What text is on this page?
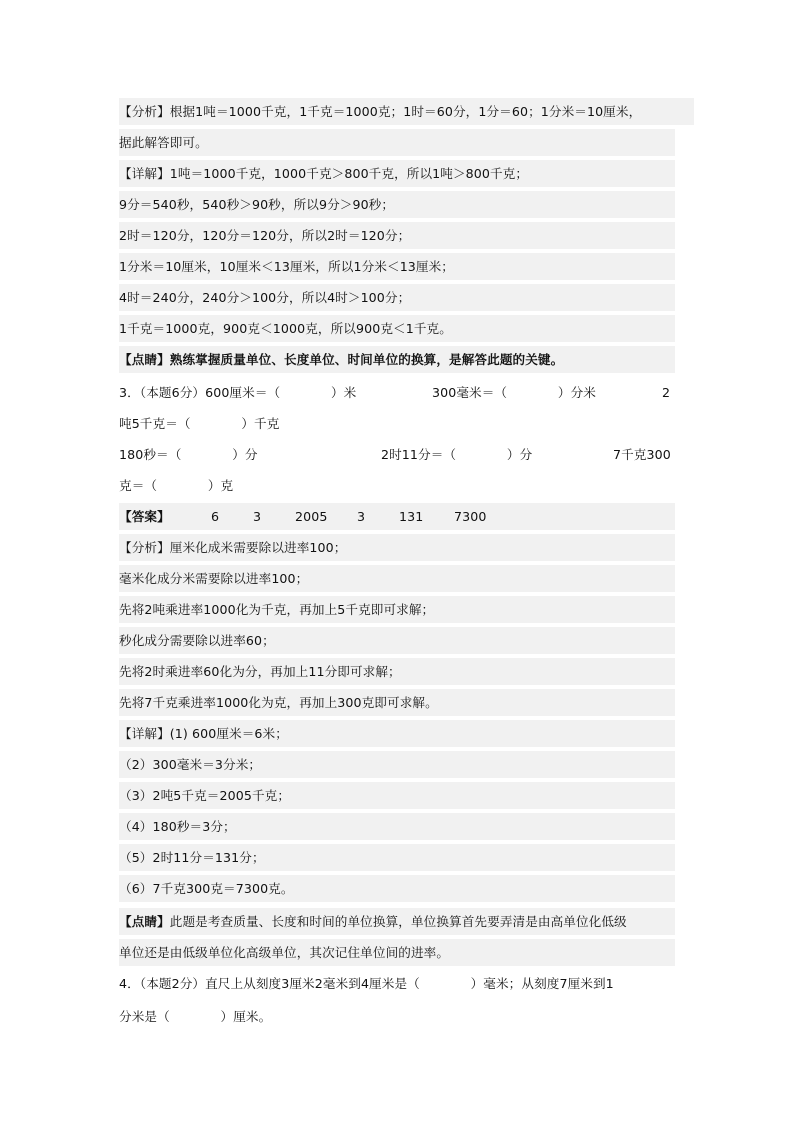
【分析】根据1吨＝1000千克，1千克＝1000克；1时＝60分，1分＝60；1分米＝10厘米，
据此解答即可。
【详解】1吨＝1000千克，1000千克＞800千克，所以1吨＞800千克；
9分＝540秒，540秒＞90秒，所以9分＞90秒；
2时＝120分，120分＝120分，所以2时＝120分；
1分米＝10厘米，10厘米＜13厘米，所以1分米＜13厘米；
4时＝240分，240分＞100分，所以4时＞100分；
1千克＝1000克，900克＜1000克，所以900克＜1千克。
【点睛】熟练掌握质量单位、长度单位、时间单位的换算，是解答此题的关键。
3．（本题6分）600厘米＝（　　　　）米	300毫米＝（　　　　）分米	2
吨5千克＝（　　　　）千克
180秒＝（　　　　）分	2时11分＝（　　　　）分	7千克300
克＝（　　　　）克
【答案】	6	3	2005 3	131 7300
【分析】厘米化成米需要除以进率100；
毫米化成分米需要除以进率100；
先将2吨乘进率1000化为千克，再加上5千克即可求解；
秒化成分需要除以进率60；
先将2时乘进率60化为分，再加上11分即可求解；
先将7千克乘进率1000化为克，再加上300克即可求解。
【详解】(1) 600厘米＝6米；
（2）300毫米＝3分米；
（3）2吨5千克＝2005千克；
（4）180秒＝3分；
（5）2时11分＝131分；
（6）7千克300克＝7300克。
【点睛】此题是考查质量、长度和时间的单位换算，单位换算首先要弄清是由高单位化低级
单位还是由低级单位化高级单位，其次记住单位间的进率。
4．（本题2分）直尺上从刻度3厘米2毫米到4厘米是（　　　　）毫米；从刻度7厘米到1
分米是（　　　　）厘米。
